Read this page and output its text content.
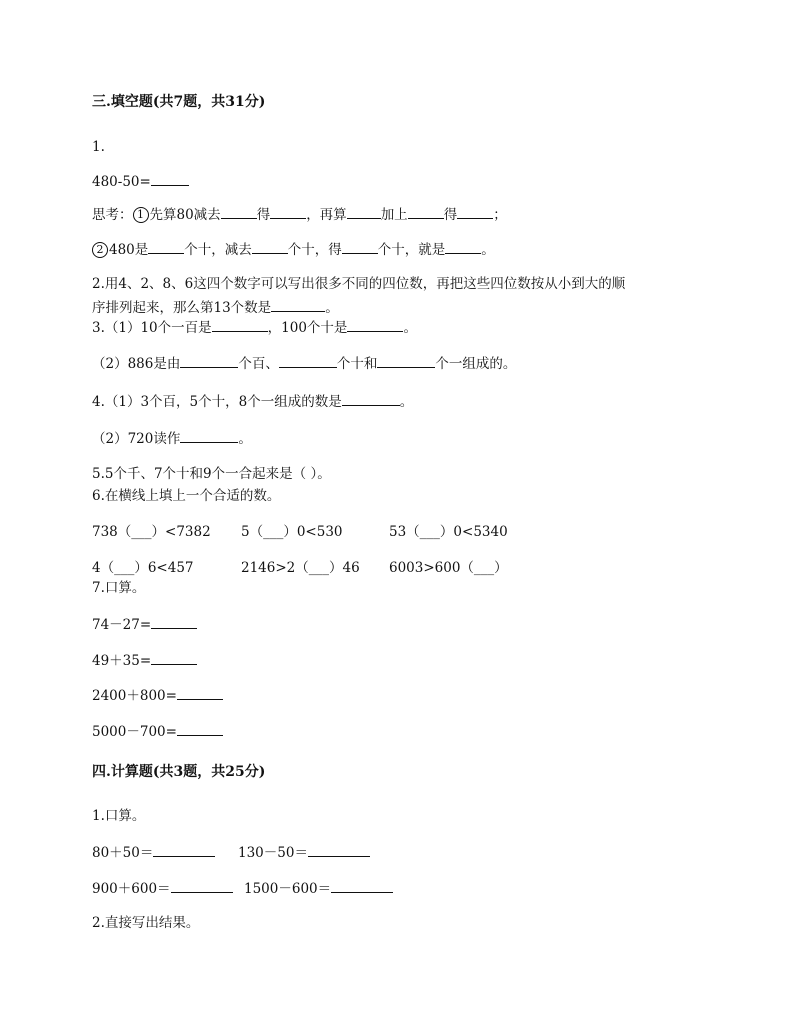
三.填空题(共7题，共31分)
1.
480-50=
思考： 1 先算80减去	得	，再算	加上	得	；
2 480是	个十，减去	个十，得	个十，就是	。
2.用4、2、8、6这四个数字可以写出很多不同的四位数，再把这些四位数按从小到大的顺
序排列起来，那么第13个数是	。
3.（1）10个一百是	，100个十是	。
（2）886是由	个百、	个十和	个一组成的。
4.（1）3个百，5个十，8个一组成的数是	。
（2）720读作	。
5.5个千、7个十和9个一合起来是（ ）。
6.在横线上填上一个合适的数。
738（___）<7382 5（___）0<530	53（___）0<5340
4（___）6<457	2146>2（___）46 6003>600（___）
7.口算。
74－27=
49＋35=
2400＋800=
5000－700=
四.计算题(共3题，共25分)
1.口算。
80＋50＝	130－50＝
900＋600＝	1500－600＝
2.直接写出结果。
